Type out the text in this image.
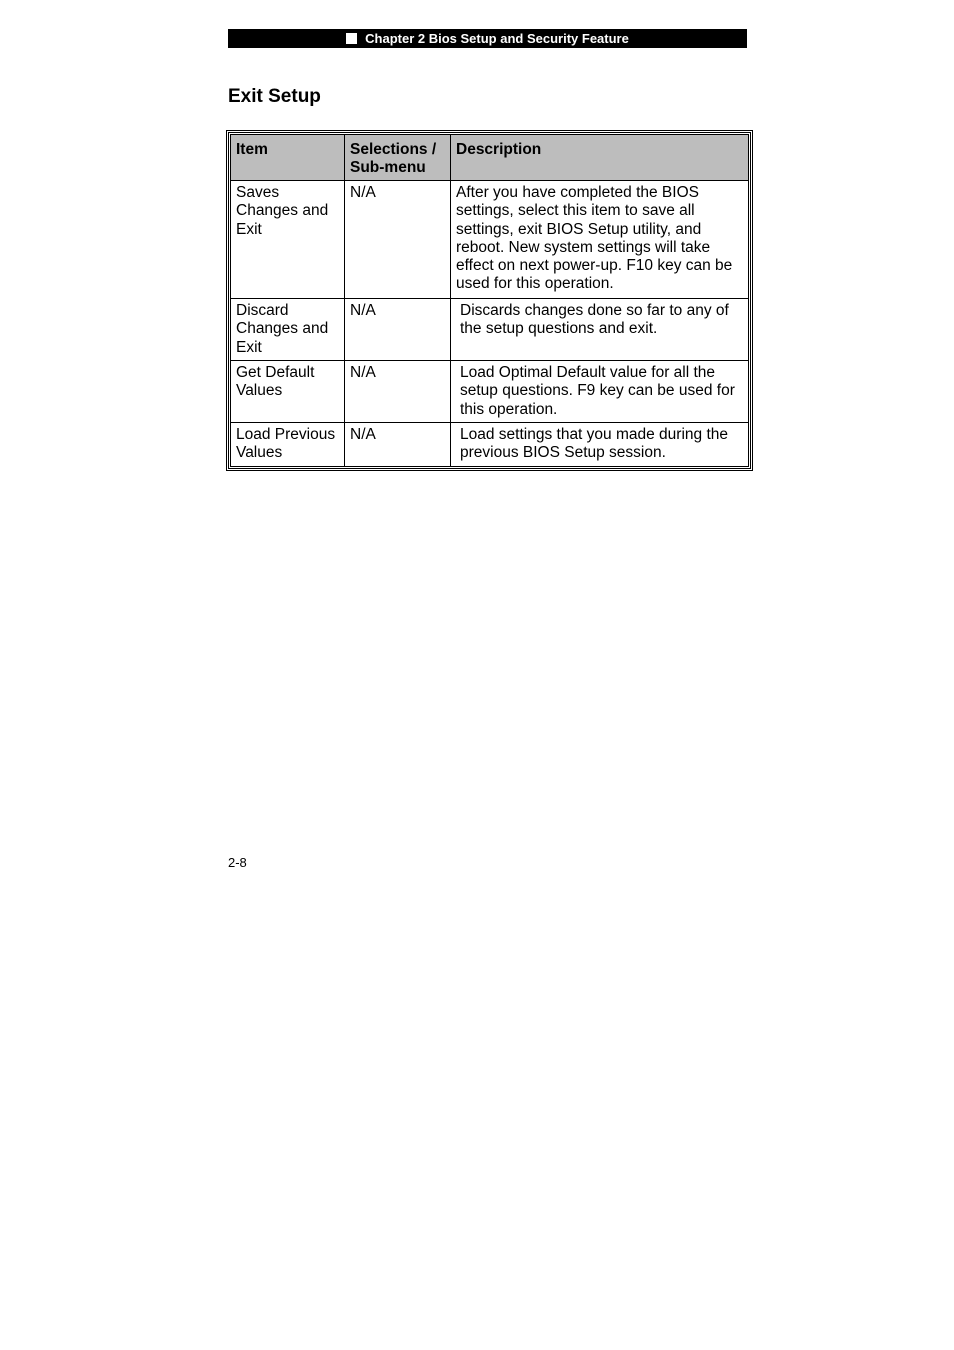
Chapter 2 Bios Setup and Security Feature
Exit Setup
Item	Selections / Sub-menu	Description
Saves Changes and Exit	N/A	After you have completed the BIOS settings, select this item to save all settings, exit BIOS Setup utility, and reboot. New system settings will take effect on next power-up. F10 key can be used for this operation.
Discard Changes and Exit	N/A	Discards changes done so far to any of the setup questions and exit.
Get Default Values	N/A	Load Optimal Default value for all the setup questions. F9 key can be used for this operation.
Load Previous Values	N/A	Load settings that you made during the previous BIOS Setup session.
2-8
